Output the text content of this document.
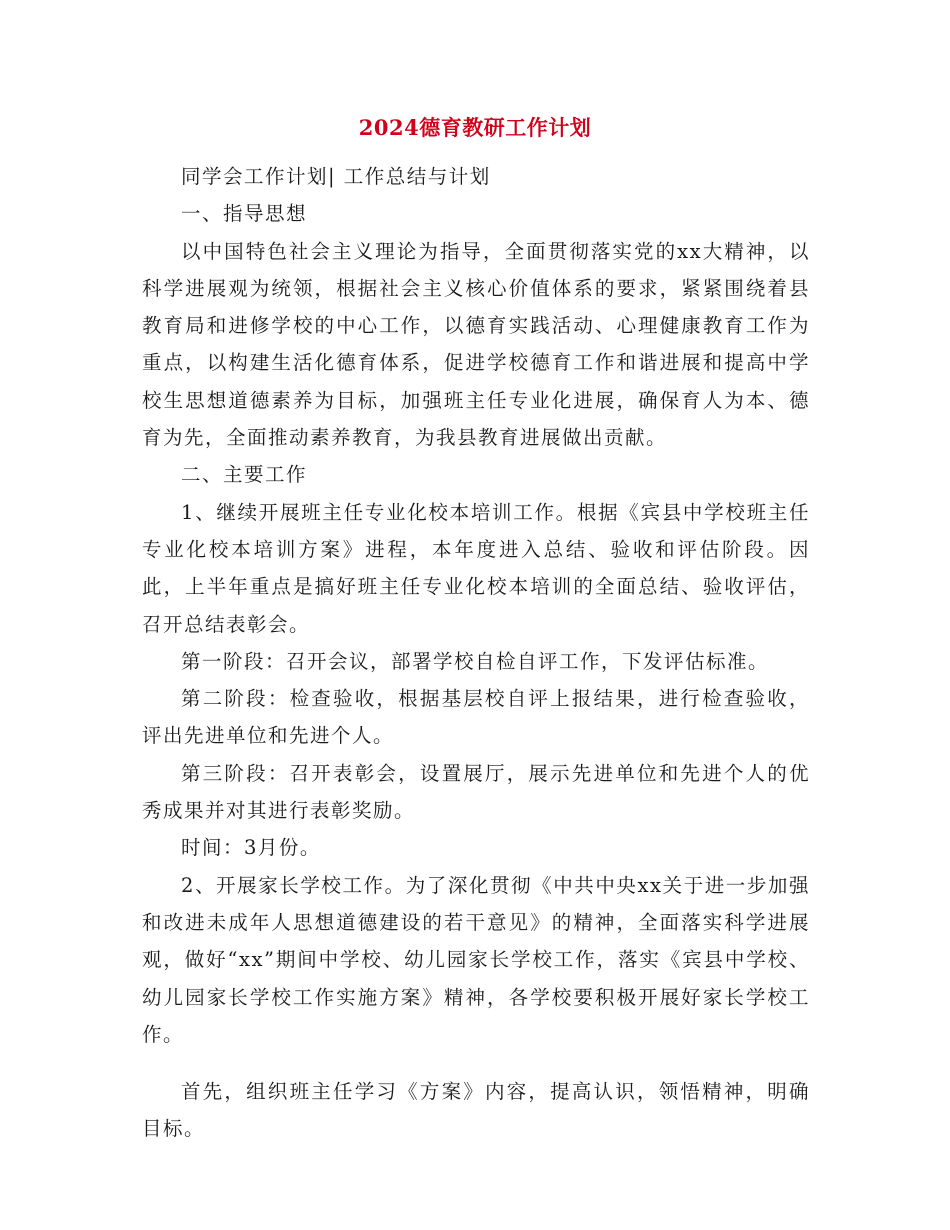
2024德育教研工作计划

同学会工作计划| 工作总结与计划

一、指导思想

以中国特色社会主义理论为指导，全面贯彻落实党的xx大精神，以科学进展观为统领，根据社会主义核心价值体系的要求，紧紧围绕着县教育局和进修学校的中心工作，以德育实践活动、心理健康教育工作为重点，以构建生活化德育体系，促进学校德育工作和谐进展和提高中学校生思想道德素养为目标，加强班主任专业化进展，确保育人为本、德育为先，全面推动素养教育，为我县教育进展做出贡献。

二、主要工作

1、继续开展班主任专业化校本培训工作。根据《宾县中学校班主任专业化校本培训方案》进程，本年度进入总结、验收和评估阶段。因此，上半年重点是搞好班主任专业化校本培训的全面总结、验收评估，召开总结表彰会。

第一阶段：召开会议，部署学校自检自评工作，下发评估标准。

第二阶段：检查验收，根据基层校自评上报结果，进行检查验收，评出先进单位和先进个人。

第三阶段：召开表彰会，设置展厅，展示先进单位和先进个人的优秀成果并对其进行表彰奖励。

时间：3月份。

2、开展家长学校工作。为了深化贯彻《中共中央xx关于进一步加强和改进未成年人思想道德建设的若干意见》的精神，全面落实科学进展观，做好“xx”期间中学校、幼儿园家长学校工作，落实《宾县中学校、幼儿园家长学校工作实施方案》精神，各学校要积极开展好家长学校工作。

首先，组织班主任学习《方案》内容，提高认识，领悟精神，明确目标。
